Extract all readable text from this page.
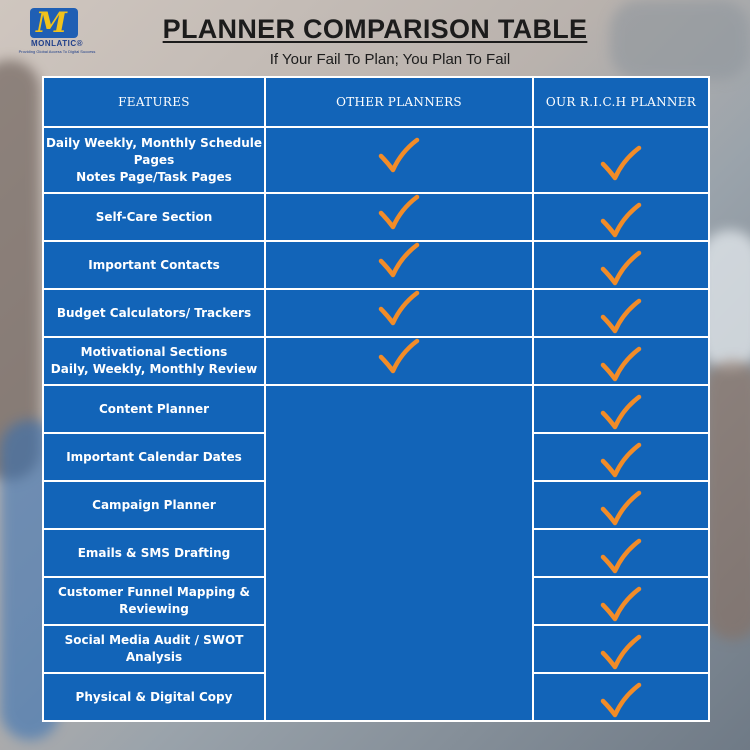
M
MONLATIC®
Providing Global Access To Digital Success
PLANNER COMPARISON TABLE
If Your Fail To Plan; You Plan To Fail
FEATURES	OTHER PLANNERS	OUR R.I.C.H PLANNER

Daily Weekly, Monthly Schedule Pages
Notes Page/Task Pages

Self-Care Section

Important Contacts

Budget Calculators/ Trackers

Motivational Sections
Daily, Weekly, Monthly Review

Content Planner

Important Calendar Dates

Campaign Planner

Emails & SMS Drafting

Customer Funnel Mapping & Reviewing

Social Media Audit / SWOT Analysis

Physical & Digital Copy
